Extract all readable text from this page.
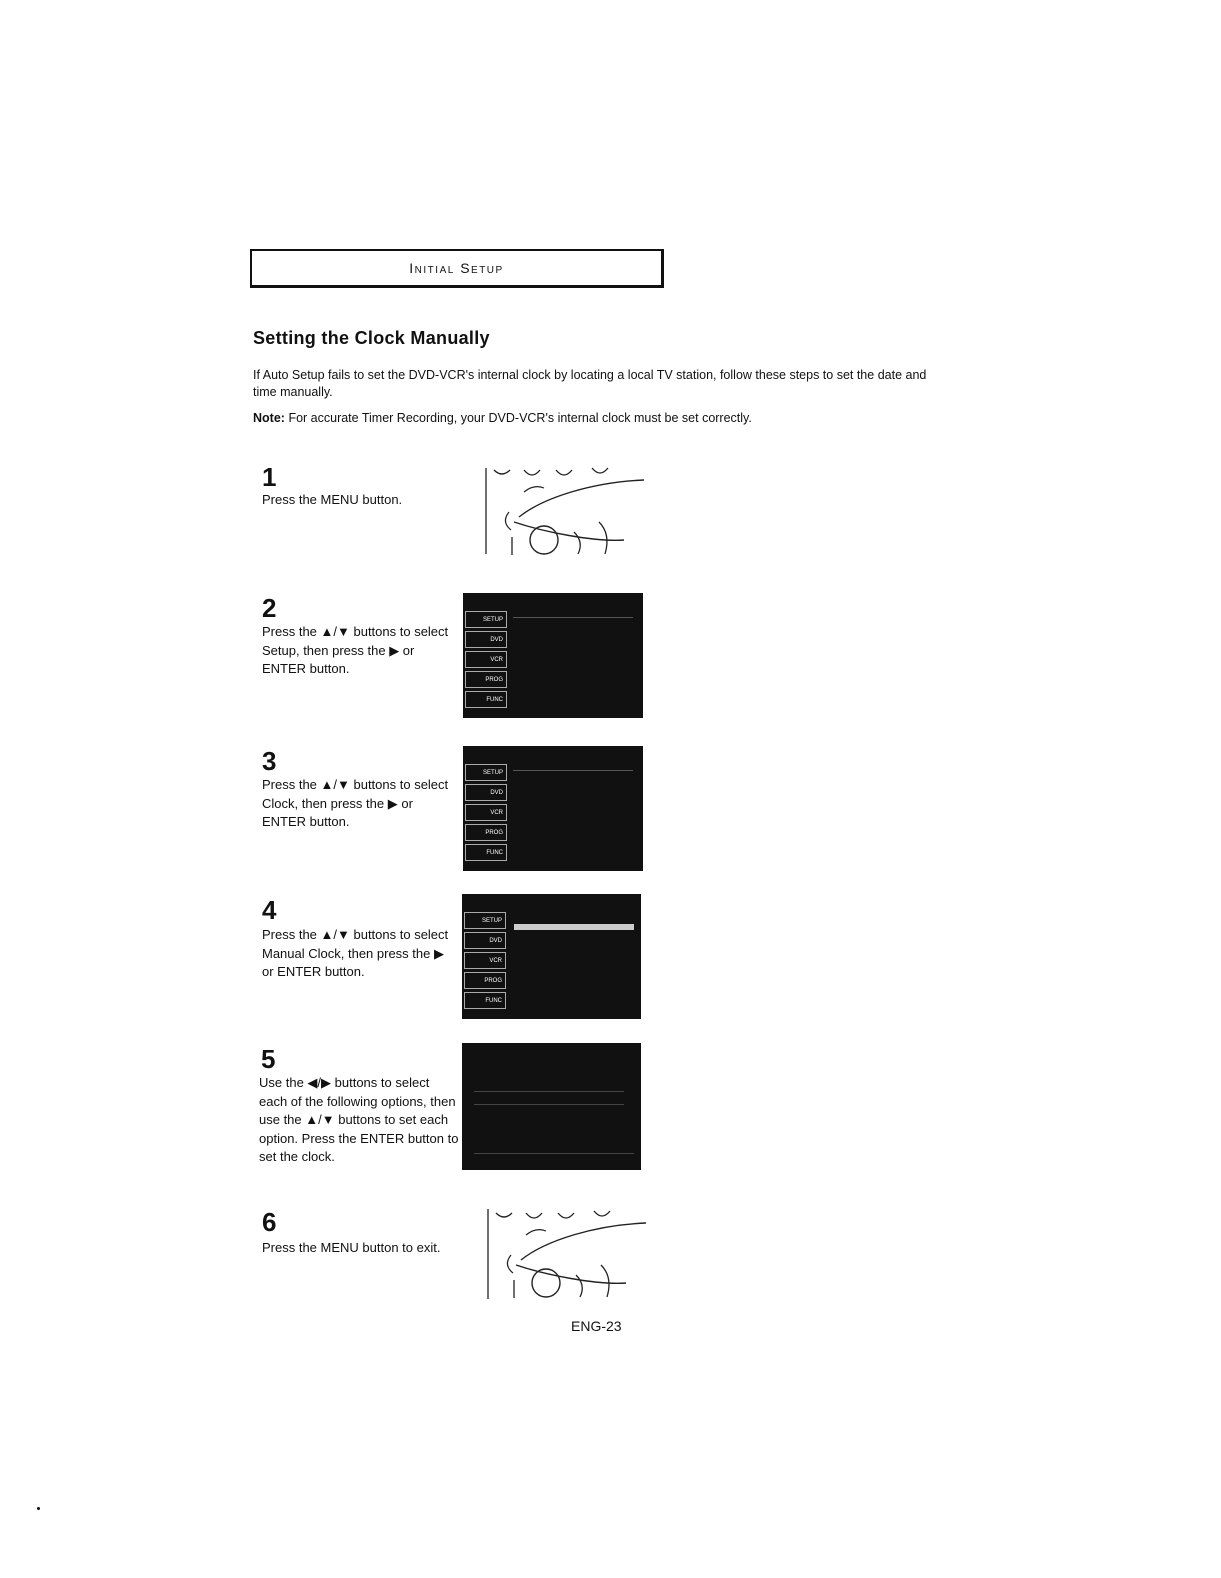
Initial Setup
Setting the Clock Manually
If Auto Setup fails to set the DVD-VCR's internal clock by locating a local TV station, follow these steps to set the date and time manually.
Note: For accurate Timer Recording, your DVD-VCR's internal clock must be set correctly.
1
Press the MENU button.
2
Press the ▲/▼ buttons to select Setup, then press the ▶ or ENTER button.
SETUP
DVD
VCR
PROG
FUNC
3
Press the ▲/▼ buttons to select Clock, then press the ▶ or ENTER button.
SETUP
DVD
VCR
PROG
FUNC
4
Press the ▲/▼ buttons to select Manual Clock, then press the ▶ or ENTER button.
SETUP
DVD
VCR
PROG
FUNC
5
Use the ◀/▶ buttons to select each of the following options, then use the ▲/▼ buttons to set each option. Press the ENTER button to set the clock.
6
Press the MENU button to exit.
ENG-23
